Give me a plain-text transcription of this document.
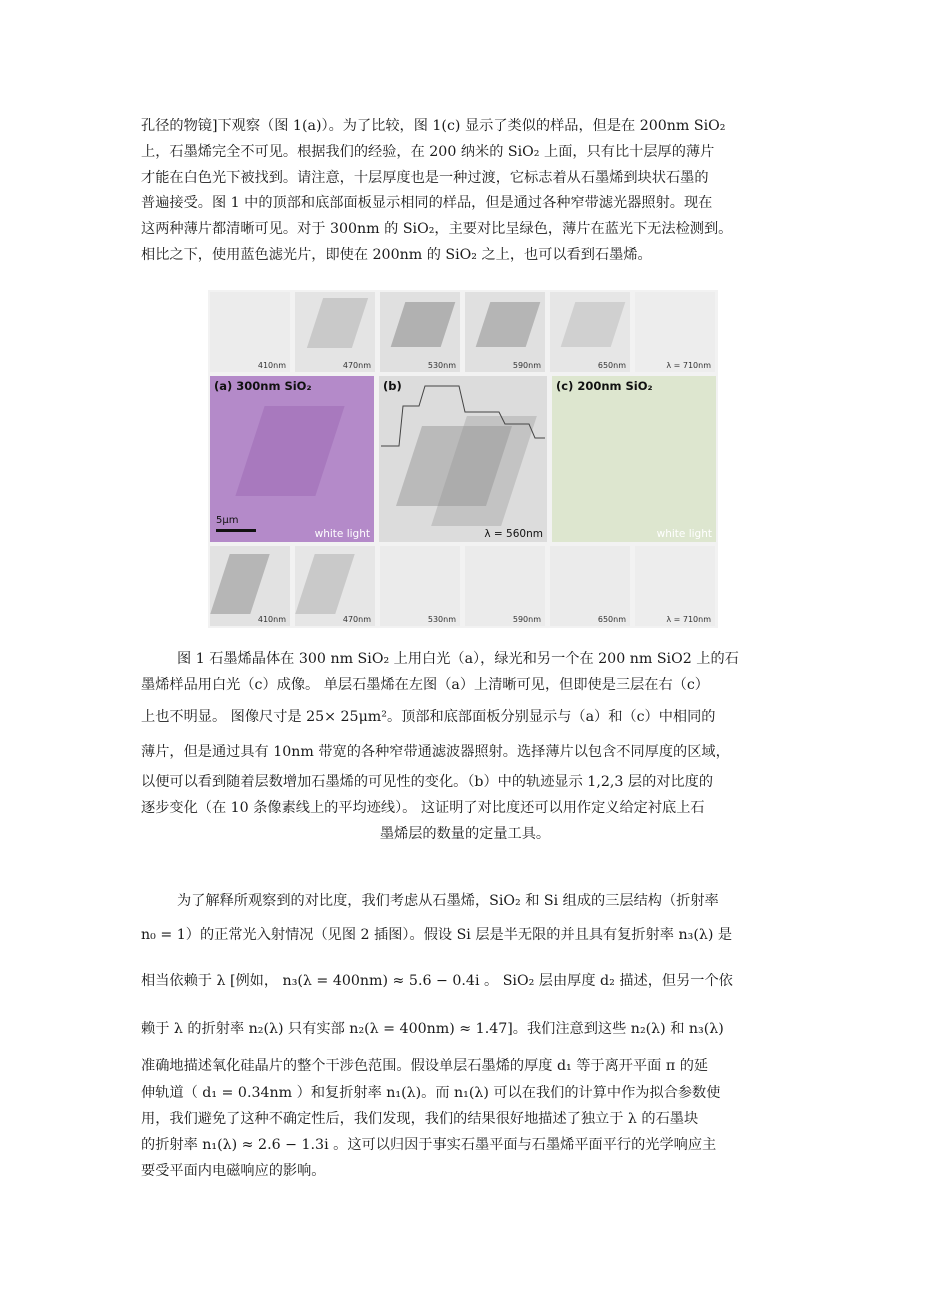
孔径的物镜]下观察（图 1(a)）。为了比较，图 1(c) 显示了类似的样品，但是在 200nm SiO₂

上，石墨烯完全不可见。根据我们的经验，在 200 纳米的 SiO₂ 上面，只有比十层厚的薄片

才能在白色光下被找到。请注意，十层厚度也是一种过渡，它标志着从石墨烯到块状石墨的

普遍接受。图 1 中的顶部和底部面板显示相同的样品，但是通过各种窄带滤光器照射。现在

这两种薄片都清晰可见。对于 300nm 的 SiO₂，主要对比呈绿色，薄片在蓝光下无法检测到。

相比之下，使用蓝色滤光片，即使在 200nm 的 SiO₂ 之上，也可以看到石墨烯。

410nm	470nm	530nm	590nm	650nm	λ = 710nm
(a) 300nm SiO₂
5μm
white light
(b)
λ = 560nm
(c) 200nm SiO₂
white light
410nm	470nm	530nm	590nm	650nm	λ = 710nm

图 1 石墨烯晶体在 300 nm SiO₂ 上用白光（a），绿光和另一个在 200 nm SiO2 上的石

墨烯样品用白光（c）成像。 单层石墨烯在左图（a）上清晰可见，但即使是三层在右（c）

上也不明显。 图像尺寸是 25× 25μm²。顶部和底部面板分别显示与（a）和（c）中相同的

薄片，但是通过具有 10nm 带宽的各种窄带通滤波器照射。选择薄片以包含不同厚度的区域，

以便可以看到随着层数增加石墨烯的可见性的变化。（b）中的轨迹显示 1,2,3 层的对比度的

逐步变化（在 10 条像素线上的平均迹线）。 这证明了对比度还可以用作定义给定衬底上石

墨烯层的数量的定量工具。

为了解释所观察到的对比度，我们考虑从石墨烯，SiO₂ 和 Si 组成的三层结构（折射率

n₀ = 1）的正常光入射情况（见图 2 插图）。假设 Si 层是半无限的并且具有复折射率 n₃(λ) 是

相当依赖于 λ [例如， n₃(λ = 400nm) ≈ 5.6 − 0.4i 。 SiO₂ 层由厚度 d₂ 描述，但另一个依

赖于 λ 的折射率 n₂(λ) 只有实部 n₂(λ = 400nm) ≈ 1.47]。我们注意到这些 n₂(λ) 和 n₃(λ)

准确地描述氧化硅晶片的整个干涉色范围。假设单层石墨烯的厚度 d₁ 等于离开平面 π 的延

伸轨道（ d₁ = 0.34nm ）和复折射率 n₁(λ)。而 n₁(λ) 可以在我们的计算中作为拟合参数使

用，我们避免了这种不确定性后，我们发现，我们的结果很好地描述了独立于 λ 的石墨块

的折射率 n₁(λ) ≈ 2.6 − 1.3i 。这可以归因于事实石墨平面与石墨烯平面平行的光学响应主

要受平面内电磁响应的影响。
